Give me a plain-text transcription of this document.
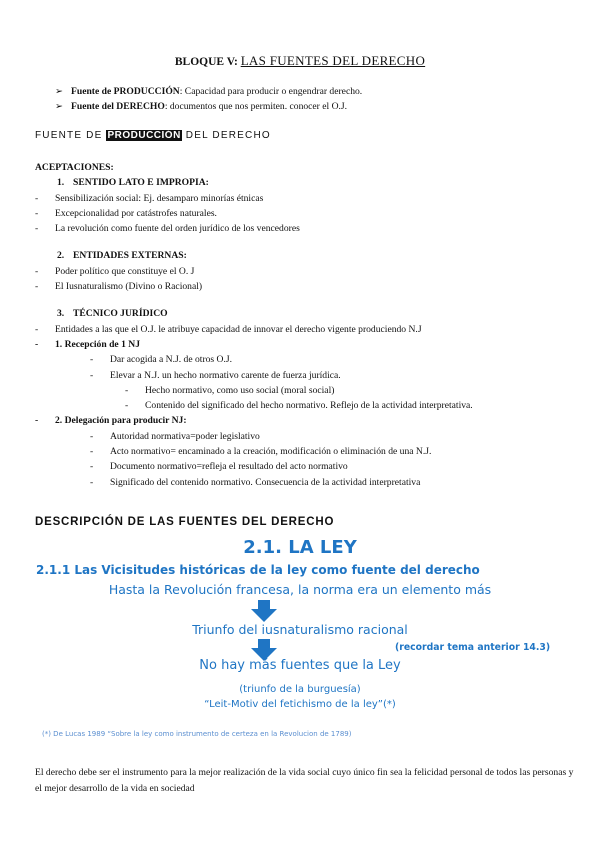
BLOQUE V: LAS FUENTES DEL DERECHO
➢ Fuente de PRODUCCIÓN: Capacidad para producir o engendrar derecho.
➢ Fuente del DERECHO: documentos que nos permiten. conocer el O.J.
FUENTE DE PRODUCCIÓN DEL DERECHO
ACEPTACIONES:
1. SENTIDO LATO E IMPROPIA:
- Sensibilización social: Ej. desamparo minorías étnicas
- Excepcionalidad por catástrofes naturales.
- La revolución como fuente del orden jurídico de los vencedores
2. ENTIDADES EXTERNAS:
- Poder político que constituye el O. J
- El Iusnaturalismo (Divino o Racional)
3. TÉCNICO JURÍDICO
- Entidades a las que el O.J. le atribuye capacidad de innovar el derecho vigente produciendo N.J
- 1. Recepción de 1 NJ
- Dar acogida a N.J. de otros O.J.
- Elevar a N.J. un hecho normativo carente de fuerza jurídica.
- Hecho normativo, como uso social (moral social)
- Contenido del significado del hecho normativo. Reflejo de la actividad interpretativa.
- 2. Delegación para producir NJ:
- Autoridad normativa=poder legislativo
- Acto normativo= encaminado a la creación, modificación o eliminación de una N.J.
- Documento normativo=refleja el resultado del acto normativo
- Significado del contenido normativo. Consecuencia de la actividad interpretativa
DESCRIPCIÓN DE LAS FUENTES DEL DERECHO
2.1. LA LEY
2.1.1 Las Vicisitudes históricas de la ley como fuente del derecho
Hasta la Revolución francesa, la norma era un elemento más
Triunfo del iusnaturalismo racional
(recordar tema anterior 14.3)
No hay más fuentes que la Ley
(triunfo de la burguesía)
“Leit-Motiv del fetichismo de la ley”(*)
(*) De Lucas 1989 “Sobre la ley como instrumento de certeza en la Revolucion de 1789)
El derecho debe ser el instrumento para la mejor realización de la vida social cuyo único fin sea la felicidad personal de todos las personas y el mejor desarrollo de la vida en sociedad
